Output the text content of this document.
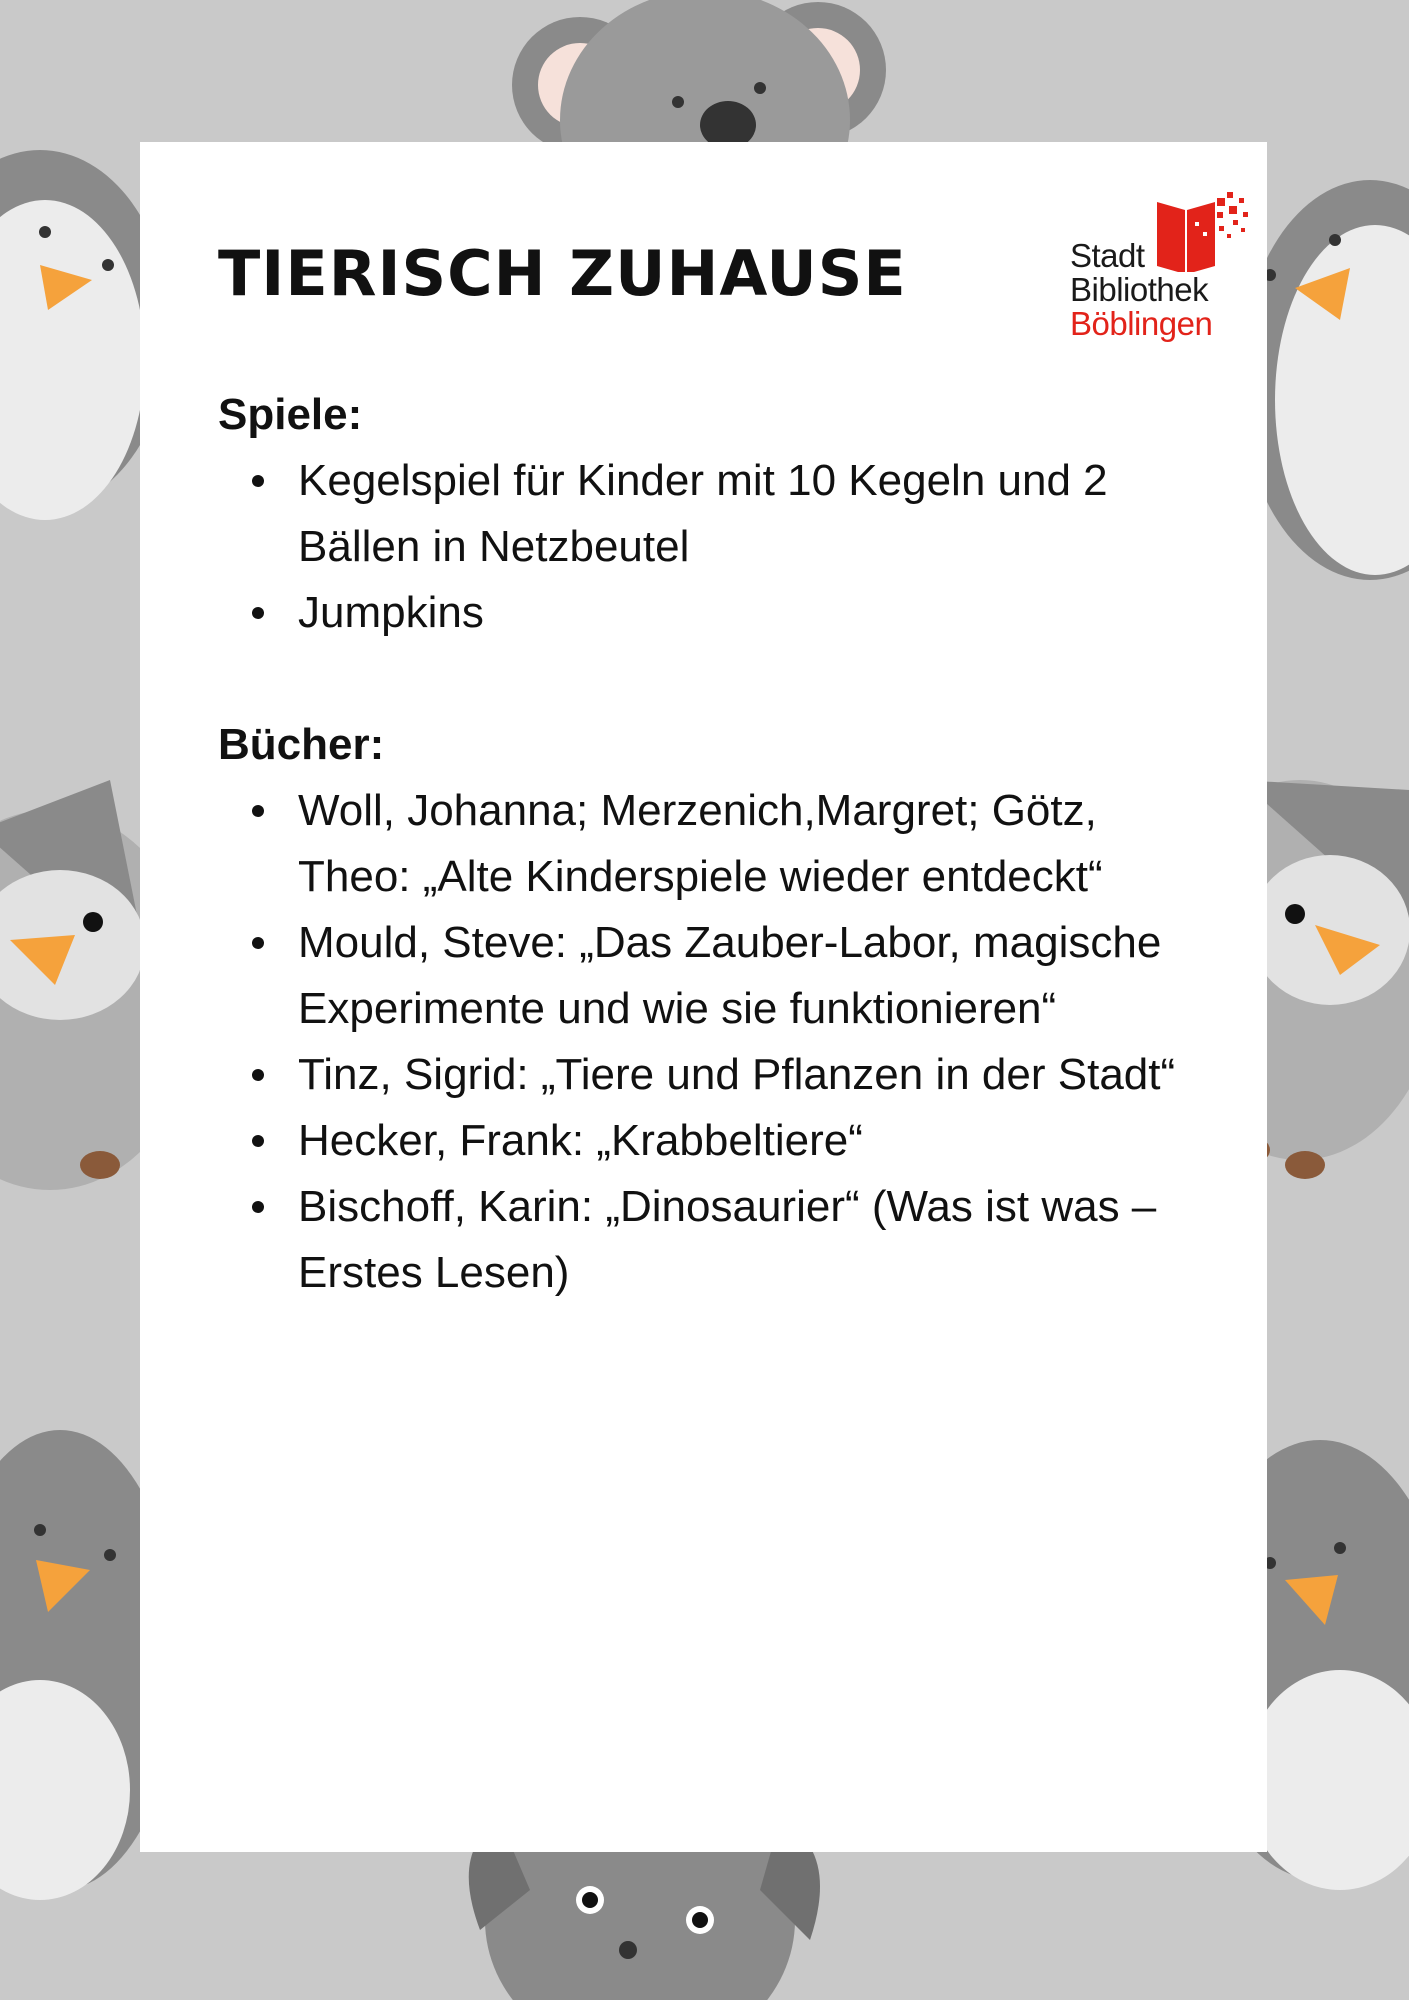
TIERISCH ZUHAUSE	Stadt
Bibliothek
Böblingen

Spiele:

Kegelspiel für Kinder mit 10 Kegeln und 2 Bällen in Netzbeutel
Jumpkins

Bücher:

Woll, Johanna; Merzenich,Margret; Götz, Theo: „Alte Kinderspiele wieder entdeckt“
Mould, Steve: „Das Zauber-Labor, magische Experimente und wie sie funktionieren“
Tinz, Sigrid: „Tiere und Pflanzen in der Stadt“
Hecker, Frank: „Krabbeltiere“
Bischoff, Karin: „Dinosaurier“ (Was ist was – Erstes Lesen)
